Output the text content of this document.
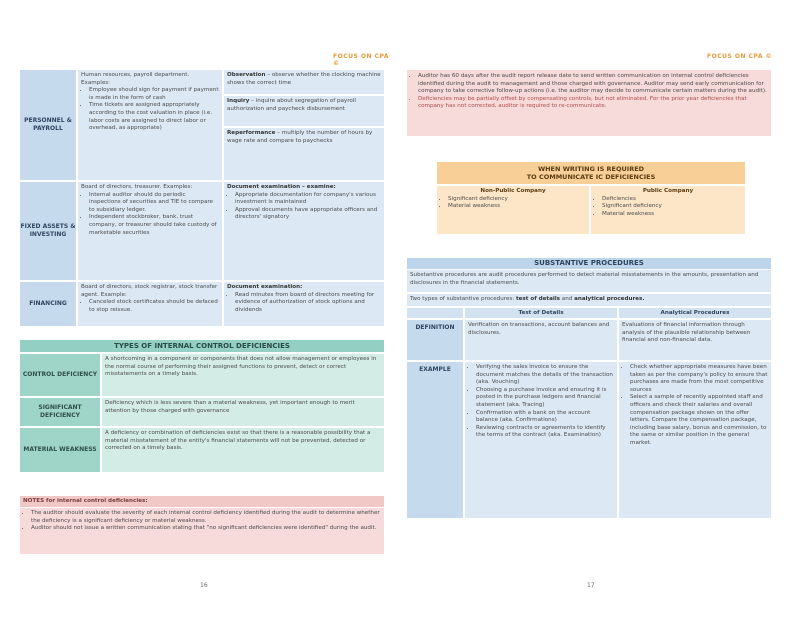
FOCUS ON CPA ©
PERSONNEL & PAYROLL
Human resources, payroll department. Examples:
• Employee should sign for payment if payment is made in the form of cash
• Time tickets are assigned appropriately according to the cost valuation in place (i.e. labor costs are assigned to direct labor or overhead, as appropriate)
Observation – observe whether the clocking machine shows the correct time
Inquiry – inquire about segregation of payroll authorization and paycheck disbursement
Reperformance – multiply the number of hours by wage rate and compare to paychecks
FIXED ASSETS & INVESTING
Board of directors, treasurer. Examples:
• Internal auditor should do periodic inspections of securities and TIE to compare to subsidiary ledger.
• Independent stockbroker, bank, trust company, or treasurer should take custody of marketable securities
Document examination – examine:
• Appropriate documentation for company's various investment is maintained
• Approval documents have appropriate officers and directors' signatory
FINANCING
Board of directors, stock registrar, stock transfer agent. Example:
• Canceled stock certificates should be defaced to stop reissue.
Document examination:
• Read minutes from board of directors meeting for evidence of authorization of stock options and dividends
TYPES OF INTERNAL CONTROL DEFICIENCIES
CONTROL DEFICIENCY
A shortcoming in a component or components that does not allow management or employees in the normal course of performing their assigned functions to prevent, detect or correct misstatements on a timely basis.
SIGNIFICANT DEFICIENCY
Deficiency which is less severe than a material weakness, yet important enough to merit attention by those charged with governance
MATERIAL WEAKNESS
A deficiency or combination of deficiencies exist so that there is a reasonable possibility that a material misstatement of the entity's financial statements will not be prevented, detected or corrected on a timely basis.
NOTES for internal control deficiencies:
• The auditor should evaluate the severity of each internal control deficiency identified during the audit to determine whether the deficiency is a significant deficiency or material weakness.
• Auditor should not issue a written communication stating that "no significant deficiencies were identified" during the audit.
16
FOCUS ON CPA ©
• Auditor has 60 days after the audit report release date to send written communication on internal control deficiencies identified during the audit to management and those charged with governance. Auditor may send early communication for company to take corrective follow-up actions (i.e. the auditor may decide to communicate certain matters during the audit).
• Deficiencies may be partially offset by compensating controls, but not eliminated. For the prior year deficiencies that company has not corrected, auditor is required to re-communicate.
WHEN WRITING IS REQUIRED
TO COMMUNICATE IC DEFICIENCIES
Non-Public Company
• Significant deficiency
• Material weakness
Public Company
• Deficiencies
• Significant deficiency
• Material weakness
SUBSTANTIVE PROCEDURES
Substantive procedures are audit procedures performed to detect material misstatements in the amounts, presentation and disclosures in the financial statements.
Two types of substantive procedures: test of details and analytical procedures.
Test of Details	Analytical Procedures
DEFINITION	Verification on transactions, account balances and disclosures.
Evaluations of financial information through analysis of the plausible relationship between financial and non-financial data.
EXAMPLE
•	Verifying the sales invoice to ensure the document matches the details of the transaction (aka. Vouching)
• Choosing a purchase invoice and ensuring it is posted in the purchase ledgers and financial statement (aka. Tracing)
• Confirmation with a bank on the account balance (aka. Confirmations)
• Reviewing contracts or agreements to identify the terms of the contract (aka. Examination)
• Check whether appropriate measures have been taken as per the company's policy to ensure that purchases are made from the most competitive sources
• Select a sample of recently appointed staff and officers and check their salaries and overall compensation package shown on the offer letters. Compare the compensation package, including base salary, bonus and commission, to the same or similar position in the general market.
17
